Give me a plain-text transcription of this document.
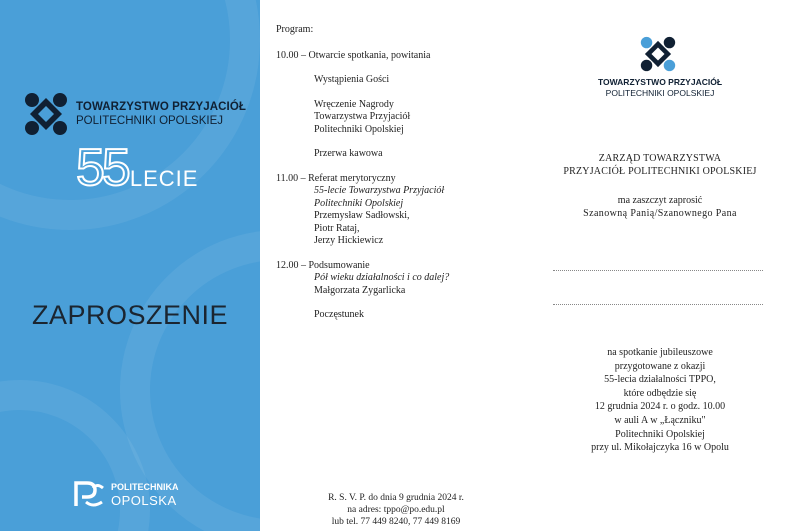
TOWARZYSTWO PRZYJACIÓŁ
POLITECHNIKI OPOLSKIEJ
55 LECIE
ZAPROSZENIE
POLITECHNIKA
OPOLSKA
Program:
10.00 – Otwarcie spotkania, powitania
Wystąpienia Gości
Wręczenie Nagrody
Towarzystwa Przyjaciół
Politechniki Opolskiej
Przerwa kawowa
11.00 – Referat merytoryczny
55-lecie Towarzystwa Przyjaciół
Politechniki Opolskiej
Przemysław Sadłowski,
Piotr Rataj,
Jerzy Hickiewicz
12.00 – Podsumowanie
Pół wieku działalności i co dalej?
Małgorzata Zygarlicka
Poczęstunek
R. S. V. P. do dnia 9 grudnia 2024 r.
na adres: tppo@po.edu.pl
lub tel. 77 449 8240, 77 449 8169
TOWARZYSTWO PRZYJACIÓŁ
POLITECHNIKI OPOLSKIEJ
ZARZĄD TOWARZYSTWA
PRZYJACIÓŁ POLITECHNIKI OPOLSKIEJ
ma zaszczyt zaprosić
Szanowną Panią/Szanownego Pana
na spotkanie jubileuszowe
przygotowane z okazji
55-lecia działalności TPPO,
które odbędzie się
12 grudnia 2024 r. o godz. 10.00
w auli A w „Łączniku"
Politechniki Opolskiej
przy ul. Mikołajczyka 16 w Opolu
